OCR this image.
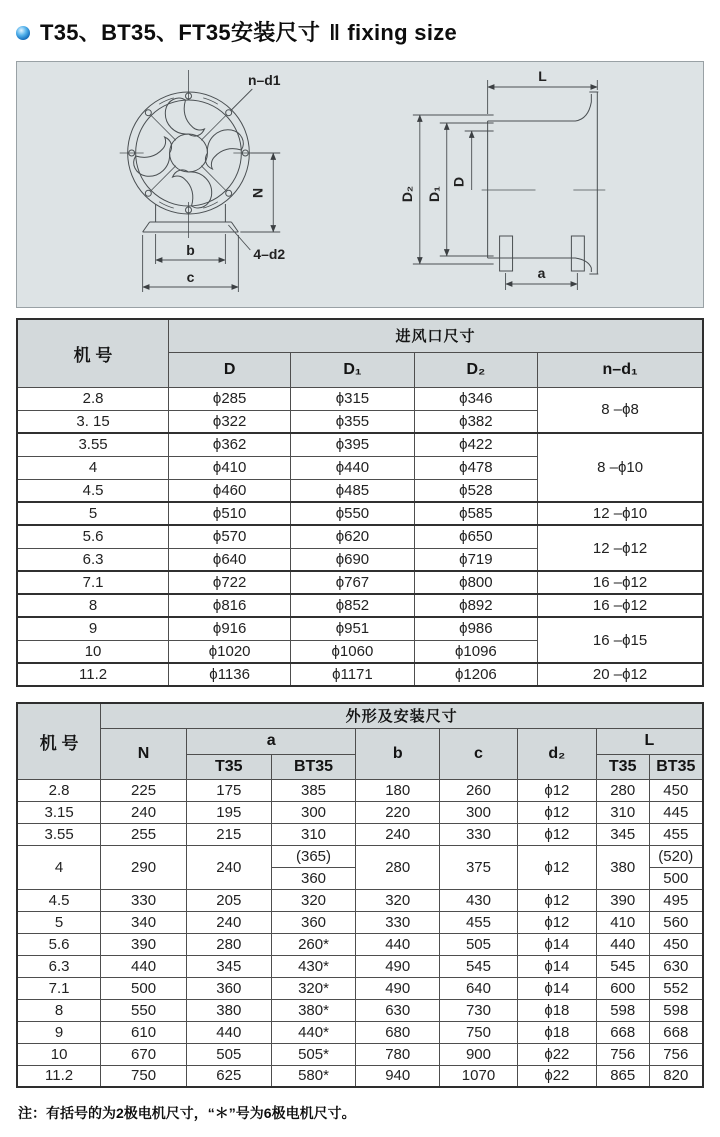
T35、BT35、FT35安装尺寸 ‖ fixing size
n–d1
N
b
c
4–d2
L
D₂ D₁
D
a
机 号	进风口尺寸			
	D	D₁	D₂	n–d₁
2.8	ϕ285	ϕ315	ϕ346	8 –ϕ8
3. 15	ϕ322	ϕ355	ϕ382	
3.55	ϕ362	ϕ395	ϕ422	8 –ϕ10
4	ϕ410	ϕ440	ϕ478	
4.5	ϕ460	ϕ485	ϕ528	
5	ϕ510	ϕ550	ϕ585	12 –ϕ10
5.6	ϕ570	ϕ620	ϕ650	12 –ϕ12
6.3	ϕ640	ϕ690	ϕ719	
7.1	ϕ722	ϕ767	ϕ800	16 –ϕ12
8	ϕ816	ϕ852	ϕ892	16 –ϕ12
9	ϕ916	ϕ951	ϕ986	16 –ϕ15
10	ϕ1020	ϕ1060	ϕ1096	
11.2	ϕ1136	ϕ1171	ϕ1206	20 –ϕ12
机 号	外形及安装尺寸							
	N	a		b	c	d₂	L	
		T35	BT35				T35	BT35
2.8	225	175	385	180	260	ϕ12	280	450
3.15	240	195	300	220	300	ϕ12	310	445
3.55	255	215	310	240	330	ϕ12	345	455
4	290	240	(365)	280	375	ϕ12	380	(520)
			360					500
4.5	330	205	320	320	430	ϕ12	390	495
5	340	240	360	330	455	ϕ12	410	560
5.6	390	280	260*	440	505	ϕ14	440	450
6.3	440	345	430*	490	545	ϕ14	545	630
7.1	500	360	320*	490	640	ϕ14	600	552
8	550	380	380*	630	730	ϕ18	598	598
9	610	440	440*	680	750	ϕ18	668	668
10	670	505	505*	780	900	ϕ22	756	756
11.2	750	625	580*	940	1070	ϕ22	865	820
注：有括号的为2极电机尺寸，“＊”号为6极电机尺寸。
